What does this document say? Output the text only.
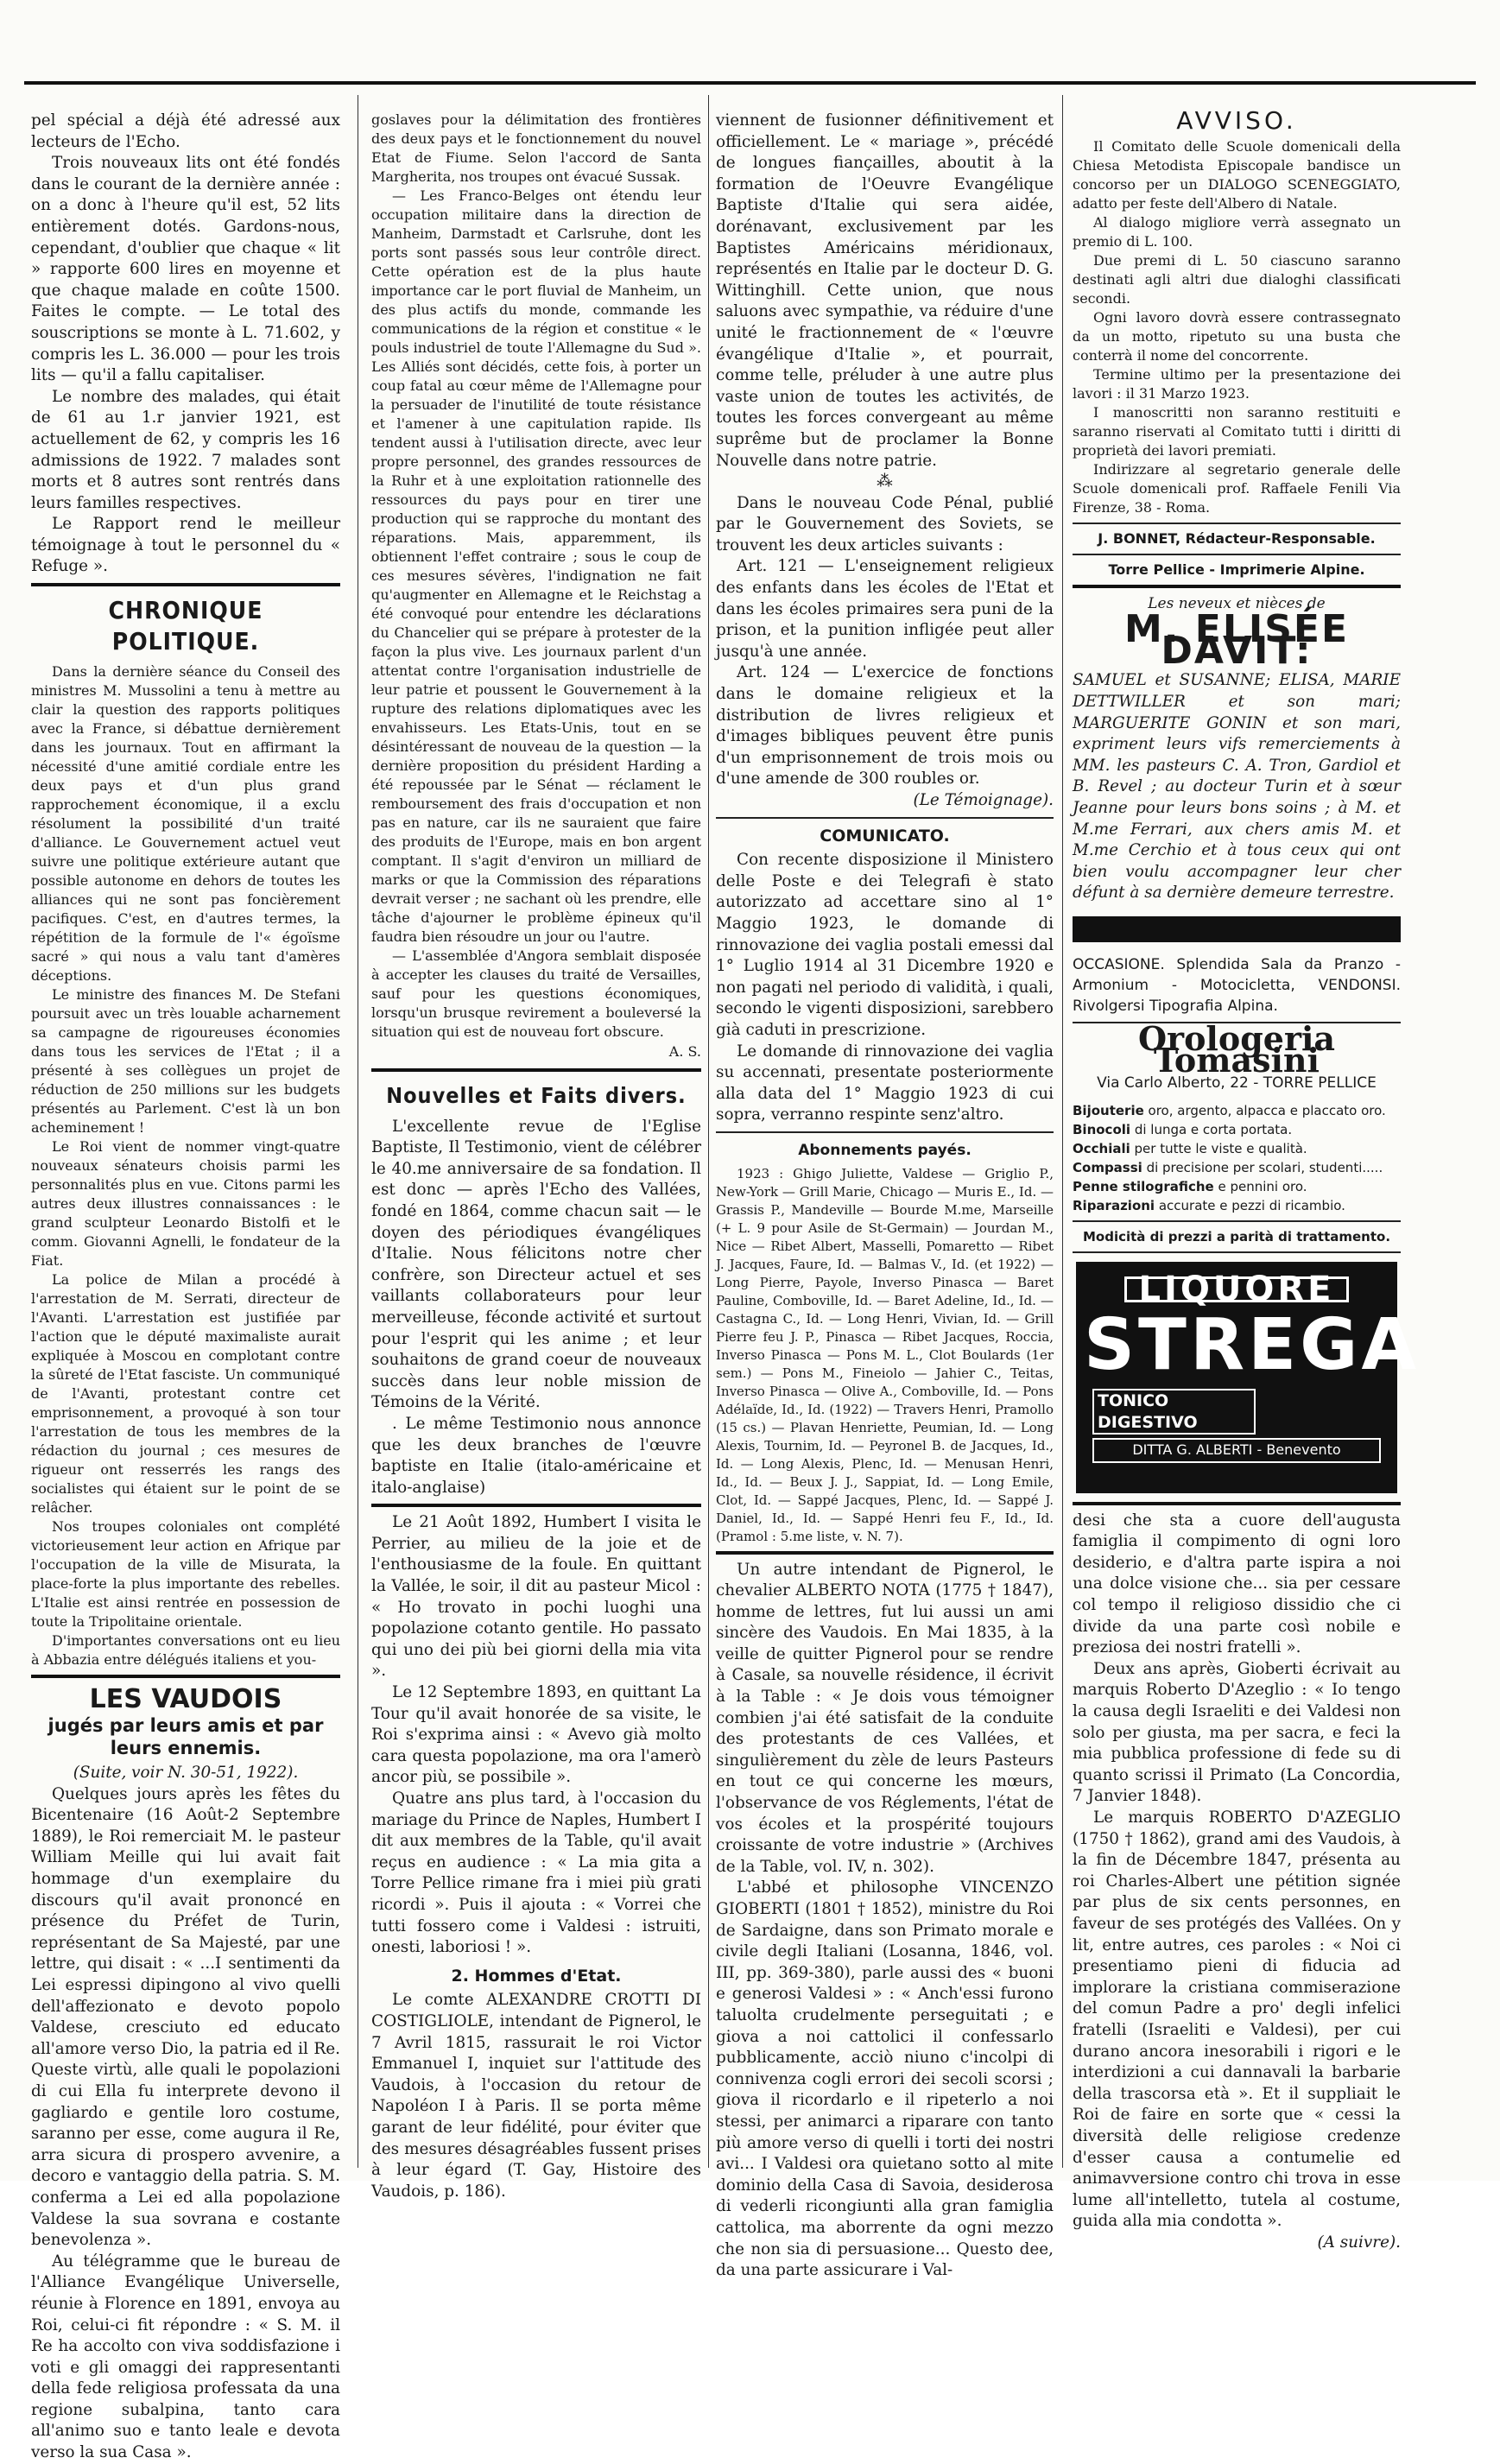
pel spécial a déjà été adressé aux lecteurs de l'Echo.

Trois nouveaux lits ont été fondés dans le courant de la dernière année : on a donc à l'heure qu'il est, 52 lits entièrement dotés. Gardons-nous, cependant, d'oublier que chaque « lit » rapporte 600 lires en moyenne et que chaque malade en coûte 1500. Faites le compte. — Le total des souscriptions se monte à L. 71.602, y compris les L. 36.000 — pour les trois lits — qu'il a fallu capitaliser.

Le nombre des malades, qui était de 61 au 1.r janvier 1921, est actuellement de 62, y compris les 16 admissions de 1922. 7 malades sont morts et 8 autres sont rentrés dans leurs familles respectives.

Le Rapport rend le meilleur témoignage à tout le personnel du « Refuge ».

CHRONIQUE POLITIQUE.

Dans la dernière séance du Conseil des ministres M. Mussolini a tenu à mettre au clair la question des rapports politiques avec la France, si débattue dernièrement dans les journaux. Tout en affirmant la nécessité d'une amitié cordiale entre les deux pays et d'un plus grand rapprochement économique, il a exclu résolument la possibilité d'un traité d'alliance. Le Gouvernement actuel veut suivre une politique extérieure autant que possible autonome en dehors de toutes les alliances qui ne sont pas foncièrement pacifiques. C'est, en d'autres termes, la répétition de la formule de l'« égoïsme sacré » qui nous a valu tant d'amères déceptions.

Le ministre des finances M. De Stefani poursuit avec un très louable acharnement sa campagne de rigoureuses économies dans tous les services de l'Etat ; il a présenté à ses collègues un projet de réduction de 250 millions sur les budgets présentés au Parlement. C'est là un bon acheminement !

Le Roi vient de nommer vingt-quatre nouveaux sénateurs choisis parmi les personnalités plus en vue. Citons parmi les autres deux illustres connaissances : le grand sculpteur Leonardo Bistolfi et le comm. Giovanni Agnelli, le fondateur de la Fiat.

La police de Milan a procédé à l'arrestation de M. Serrati, directeur de l'Avanti. L'arrestation est justifiée par l'action que le député maximaliste aurait expliquée à Moscou en complotant contre la sûreté de l'Etat fasciste. Un communiqué de l'Avanti, protestant contre cet emprisonnement, a provoqué à son tour l'arrestation de tous les membres de la rédaction du journal ; ces mesures de rigueur ont resserrés les rangs des socialistes qui étaient sur le point de se relâcher.

Nos troupes coloniales ont complété victorieusement leur action en Afrique par l'occupation de la ville de Misurata, la place-forte la plus importante des rebelles. L'Italie est ainsi rentrée en possession de toute la Tripolitaine orientale.

D'importantes conversations ont eu lieu à Abbazia entre délégués italiens et you-

LES VAUDOIS
jugés par leurs amis et par leurs ennemis.
(Suite, voir N. 30-51, 1922).

Quelques jours après les fêtes du Bicentenaire (16 Août-2 Septembre 1889), le Roi remerciait M. le pasteur William Meille qui lui avait fait hommage d'un exemplaire du discours qu'il avait prononcé en présence du Préfet de Turin, représentant de Sa Majesté, par une lettre, qui disait : « ...I sentimenti da Lei espressi dipingono al vivo quelli dell'affezionato e devoto popolo Valdese, cresciuto ed educato all'amore verso Dio, la patria ed il Re. Queste virtù, alle quali le popolazioni di cui Ella fu interprete devono il gagliardo e gentile loro costume, saranno per esse, come augura il Re, arra sicura di prospero avvenire, a decoro e vantaggio della patria. S. M. conferma a Lei ed alla popolazione Valdese la sua sovrana e costante benevolenza ».

Au télégramme que le bureau de l'Alliance Evangélique Universelle, réunie à Florence en 1891, envoya au Roi, celui-ci fit répondre : « S. M. il Re ha accolto con viva soddisfazione i voti e gli omaggi dei rappresentanti della fede religiosa professata da una regione subalpina, tanto cara all'animo suo e tanto leale e devota verso la sua Casa ».

goslaves pour la délimitation des frontières des deux pays et le fonctionnement du nouvel Etat de Fiume. Selon l'accord de Santa Margherita, nos troupes ont évacué Sussak.

— Les Franco-Belges ont étendu leur occupation militaire dans la direction de Manheim, Darmstadt et Carlsruhe, dont les ports sont passés sous leur contrôle direct. Cette opération est de la plus haute importance car le port fluvial de Manheim, un des plus actifs du monde, commande les communications de la région et constitue « le pouls industriel de toute l'Allemagne du Sud ». Les Alliés sont décidés, cette fois, à porter un coup fatal au cœur même de l'Allemagne pour la persuader de l'inutilité de toute résistance et l'amener à une capitulation rapide. Ils tendent aussi à l'utilisation directe, avec leur propre personnel, des grandes ressources de la Ruhr et à une exploitation rationnelle des ressources du pays pour en tirer une production qui se rapproche du montant des réparations. Mais, apparemment, ils obtiennent l'effet contraire ; sous le coup de ces mesures sévères, l'indignation ne fait qu'augmenter en Allemagne et le Reichstag a été convoqué pour entendre les déclarations du Chancelier qui se prépare à protester de la façon la plus vive. Les journaux parlent d'un attentat contre l'organisation industrielle de leur patrie et poussent le Gouvernement à la rupture des relations diplomatiques avec les envahisseurs. Les Etats-Unis, tout en se désintéressant de nouveau de la question — la dernière proposition du président Harding a été repoussée par le Sénat — réclament le remboursement des frais d'occupation et non pas en nature, car ils ne sauraient que faire des produits de l'Europe, mais en bon argent comptant. Il s'agit d'environ un milliard de marks or que la Commission des réparations devrait verser ; ne sachant où les prendre, elle tâche d'ajourner le problème épineux qu'il faudra bien résoudre un jour ou l'autre.

— L'assemblée d'Angora semblait disposée à accepter les clauses du traité de Versailles, sauf pour les questions économiques, lorsqu'un brusque revirement a bouleversé la situation qui est de nouveau fort obscure.

A. S.
Nouvelles et Faits divers.

L'excellente revue de l'Eglise Baptiste, Il Testimonio, vient de célébrer le 40.me anniversaire de sa fondation. Il est donc — après l'Echo des Vallées, fondé en 1864, comme chacun sait — le doyen des périodiques évangéliques d'Italie. Nous félicitons notre cher confrère, son Directeur actuel et ses vaillants collaborateurs pour leur merveilleuse, féconde activité et surtout pour l'esprit qui les anime ; et leur souhaitons de grand coeur de nouveaux succès dans leur noble mission de Témoins de la Vérité.

. Le même Testimonio nous annonce que les deux branches de l'œuvre baptiste en Italie (italo-américaine et italo-anglaise)

Le 21 Août 1892, Humbert I visita le Perrier, au milieu de la joie et de l'enthousiasme de la foule. En quittant la Vallée, le soir, il dit au pasteur Micol : « Ho trovato in pochi luoghi una popolazione cotanto gentile. Ho passato qui uno dei più bei giorni della mia vita ».

Le 12 Septembre 1893, en quittant La Tour qu'il avait honorée de sa visite, le Roi s'exprima ainsi : « Avevo già molto cara questa popolazione, ma ora l'amerò ancor più, se possibile ».

Quatre ans plus tard, à l'occasion du mariage du Prince de Naples, Humbert I dit aux membres de la Table, qu'il avait reçus en audience : « La mia gita a Torre Pellice rimane fra i miei più grati ricordi ». Puis il ajouta : « Vorrei che tutti fossero come i Valdesi : istruiti, onesti, laboriosi ! ».

2. Hommes d'Etat.

Le comte ALEXANDRE CROTTI DI COSTIGLIOLE, intendant de Pignerol, le 7 Avril 1815, rassurait le roi Victor Emmanuel I, inquiet sur l'attitude des Vaudois, à l'occasion du retour de Napoléon I à Paris. Il se porta même garant de leur fidélité, pour éviter que des mesures désagréables fussent prises à leur égard (T. Gay, Histoire des Vaudois, p. 186).

viennent de fusionner définitivement et officiellement. Le « mariage », précédé de longues fiançailles, aboutit à la formation de l'Oeuvre Evangélique Baptiste d'Italie qui sera aidée, dorénavant, exclusivement par les Baptistes Américains méridionaux, représentés en Italie par le docteur D. G. Wittinghill. Cette union, que nous saluons avec sympathie, va réduire d'une unité le fractionnement de « l'œuvre évangélique d'Italie », et pourrait, comme telle, préluder à une autre plus vaste union de toutes les activités, de toutes les forces convergeant au même suprême but de proclamer la Bonne Nouvelle dans notre patrie.

⁂

Dans le nouveau Code Pénal, publié par le Gouvernement des Soviets, se trouvent les deux articles suivants :

Art. 121 — L'enseignement religieux des enfants dans les écoles de l'Etat et dans les écoles primaires sera puni de la prison, et la punition infligée peut aller jusqu'à une année.

Art. 124 — L'exercice de fonctions dans le domaine religieux et la distribution de livres religieux et d'images bibliques peuvent être punis d'un emprisonnement de trois mois ou d'une amende de 300 roubles or.

(Le Témoignage).
COMUNICATO.

Con recente disposizione il Ministero delle Poste e dei Telegrafi è stato autorizzato ad accettare sino al 1° Maggio 1923, le domande di rinnovazione dei vaglia postali emessi dal 1° Luglio 1914 al 31 Dicembre 1920 e non pagati nel periodo di validità, i quali, secondo le vigenti disposizioni, sarebbero già caduti in prescrizione.

Le domande di rinnovazione dei vaglia su accennati, presentate posteriormente alla data del 1° Maggio 1923 di cui sopra, verranno respinte senz'altro.

Abonnements payés.

1923 : Ghigo Juliette, Valdese — Griglio P., New-York — Grill Marie, Chicago — Muris E., Id. — Grassis P., Mandeville — Bourde M.me, Marseille (+ L. 9 pour Asile de St-Germain) — Jourdan M., Nice — Ribet Albert, Masselli, Pomaretto — Ribet J. Jacques, Faure, Id. — Balmas V., Id. (et 1922) — Long Pierre, Payole, Inverso Pinasca — Baret Pauline, Comboville, Id. — Baret Adeline, Id., Id. — Castagna C., Id. — Long Henri, Vivian, Id. — Grill Pierre feu J. P., Pinasca — Ribet Jacques, Roccia, Inverso Pinasca — Pons M. L., Clot Boulards (1er sem.) — Pons M., Fineiolo — Jahier C., Teitas, Inverso Pinasca — Olive A., Comboville, Id. — Pons Adélaïde, Id., Id. (1922) — Travers Henri, Pramollo (15 cs.) — Plavan Henriette, Peumian, Id. — Long Alexis, Tournim, Id. — Peyronel B. de Jacques, Id., Id. — Long Alexis, Plenc, Id. — Menusan Henri, Id., Id. — Beux J. J., Sappiat, Id. — Long Emile, Clot, Id. — Sappé Jacques, Plenc, Id. — Sappé J. Daniel, Id., Id. — Sappé Henri feu F., Id., Id. (Pramol : 5.me liste, v. N. 7).

Un autre intendant de Pignerol, le chevalier ALBERTO NOTA (1775 † 1847), homme de lettres, fut lui aussi un ami sincère des Vaudois. En Mai 1835, à la veille de quitter Pignerol pour se rendre à Casale, sa nouvelle résidence, il écrivit à la Table : « Je dois vous témoigner combien j'ai été satisfait de la conduite des protestants de ces Vallées, et singulièrement du zèle de leurs Pasteurs en tout ce qui concerne les mœurs, l'observance de vos Réglements, l'état de vos écoles et la prospérité toujours croissante de votre industrie » (Archives de la Table, vol. IV, n. 302).

L'abbé et philosophe VINCENZO GIOBERTI (1801 † 1852), ministre du Roi de Sardaigne, dans son Primato morale e civile degli Italiani (Losanna, 1846, vol. III, pp. 369-380), parle aussi des « buoni e generosi Valdesi » : « Anch'essi furono taluolta crudelmente perseguitati ; e giova a noi cattolici il confessarlo pubblicamente, acciò niuno c'incolpi di connivenza cogli errori dei secoli scorsi ; giova il ricordarlo e il ripeterlo a noi stessi, per animarci a riparare con tanto più amore verso di quelli i torti dei nostri avi... I Valdesi ora quietano sotto al mite dominio della Casa di Savoia, desiderosa di vederli ricongiunti alla gran famiglia cattolica, ma aborrente da ogni mezzo che non sia di persuasione... Questo dee, da una parte assicurare i Val-

AVVISO.

Il Comitato delle Scuole domenicali della Chiesa Metodista Episcopale bandisce un concorso per un DIALOGO SCENEGGIATO, adatto per feste dell'Albero di Natale.

Al dialogo migliore verrà assegnato un premio di L. 100.

Due premi di L. 50 ciascuno saranno destinati agli altri due dialoghi classificati secondi.

Ogni lavoro dovrà essere contrassegnato da un motto, ripetuto su una busta che conterrà il nome del concorrente.

Termine ultimo per la presentazione dei lavori : il 31 Marzo 1923.

I manoscritti non saranno restituiti e saranno riservati al Comitato tutti i diritti di proprietà dei lavori premiati.

Indirizzare al segretario generale delle Scuole domenicali prof. Raffaele Fenili Via Firenze, 38 - Roma.

J. BONNET, Rédacteur-Responsable.
Torre Pellice - Imprimerie Alpine.
Les neveux et nièces de
M. ELISÉE DAVIT:

SAMUEL et SUSANNE; ELISA, MARIE DETTWILLER et son mari; MARGUERITE GONIN et son mari, expriment leurs vifs remerciements à MM. les pasteurs C. A. Tron, Gardiol et B. Revel ; au docteur Turin et à sœur Jeanne pour leurs bons soins ; à M. et M.me Ferrari, aux chers amis M. et M.me Cerchio et à tous ceux qui ont bien voulu accompagner leur cher défunt à sa dernière demeure terrestre.

OCCASIONE. Splendida Sala da Pranzo - Armonium - Motocicletta, VENDONSI. Rivolgersi Tipografia Alpina.

Orologeria Tomasini
Via Carlo Alberto, 22 - TORRE PELLICE
Bijouterie oro, argento, alpacca e placcato oro.
Binocoli di lunga e corta portata.
Occhiali per tutte le viste e qualità.
Compassi di precisione per scolari, studenti.....
Penne stilografiche e pennini oro.
Riparazioni accurate e pezzi di ricambio.
Modicità di prezzi a parità di trattamento.
LIQUORE
STREGA
TONICO DIGESTIVO
DITTA G. ALBERTI - Benevento

desi che sta a cuore dell'augusta famiglia il compimento di ogni loro desiderio, e d'altra parte ispira a noi una dolce visione che... sia per cessare col tempo il religioso dissidio che ci divide da una parte così nobile e preziosa dei nostri fratelli ».

Deux ans après, Gioberti écrivait au marquis Roberto D'Azeglio : « Io tengo la causa degli Israeliti e dei Valdesi non solo per giusta, ma per sacra, e feci la mia pubblica professione di fede su di quanto scrissi il Primato (La Concordia, 7 Janvier 1848).

Le marquis ROBERTO D'AZEGLIO (1750 † 1862), grand ami des Vaudois, à la fin de Décembre 1847, présenta au roi Charles-Albert une pétition signée par plus de six cents personnes, en faveur de ses protégés des Vallées. On y lit, entre autres, ces paroles : « Noi ci presentiamo pieni di fiducia ad implorare la cristiana commiserazione del comun Padre a pro' degli infelici fratelli (Israeliti e Valdesi), per cui durano ancora inesorabili i rigori e le interdizioni a cui dannavali la barbarie della trascorsa età ». Et il suppliait le Roi de faire en sorte que « cessi la diversità delle religiose credenze d'esser causa a contumelie ed animavversione contro chi trova in esse lume all'intelletto, tutela al costume, guida alla mia condotta ».

(A suivre).
